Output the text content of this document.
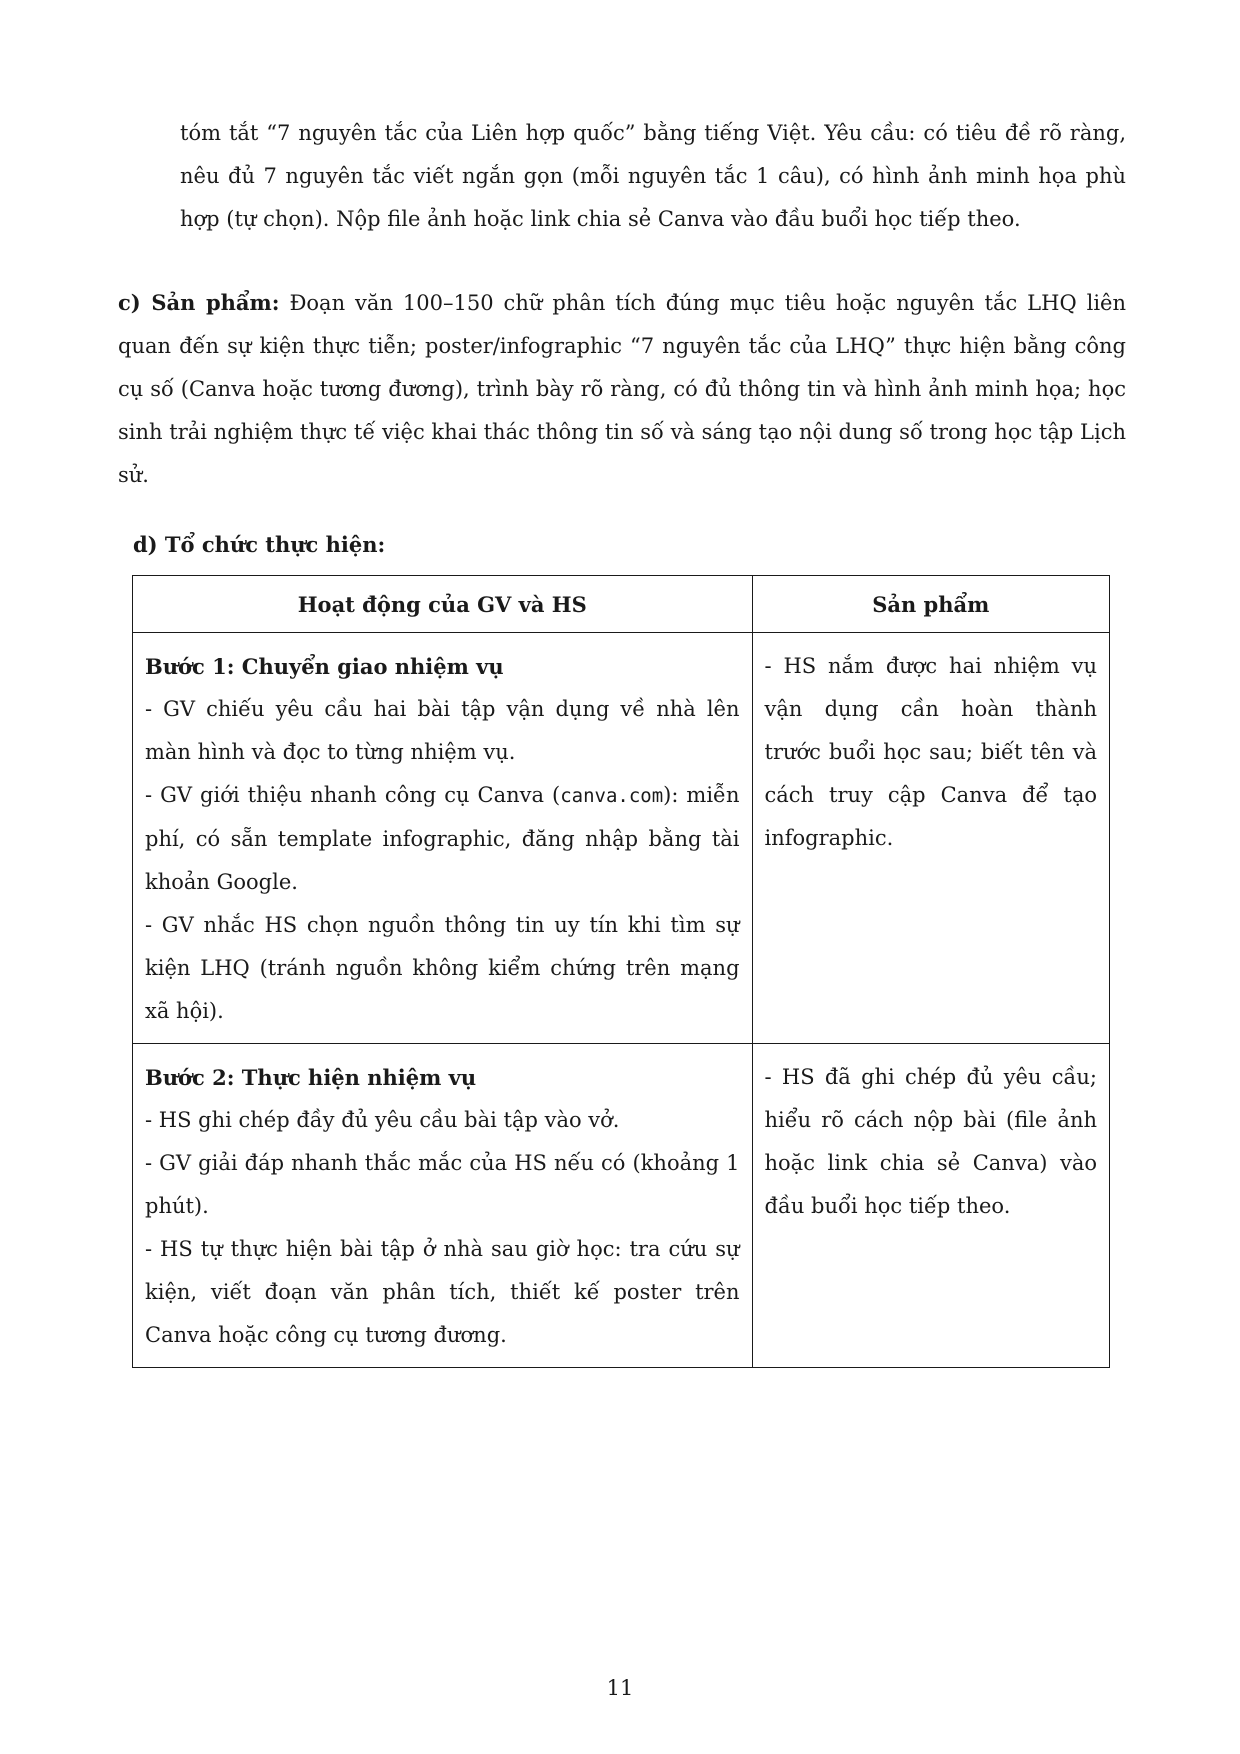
tóm tắt “7 nguyên tắc của Liên hợp quốc” bằng tiếng Việt. Yêu cầu: có tiêu đề rõ ràng, nêu đủ 7 nguyên tắc viết ngắn gọn (mỗi nguyên tắc 1 câu), có hình ảnh minh họa phù hợp (tự chọn). Nộp file ảnh hoặc link chia sẻ Canva vào đầu buổi học tiếp theo.

c) Sản phẩm: Đoạn văn 100–150 chữ phân tích đúng mục tiêu hoặc nguyên tắc LHQ liên quan đến sự kiện thực tiễn; poster/infographic “7 nguyên tắc của LHQ” thực hiện bằng công cụ số (Canva hoặc tương đương), trình bày rõ ràng, có đủ thông tin và hình ảnh minh họa; học sinh trải nghiệm thực tế việc khai thác thông tin số và sáng tạo nội dung số trong học tập Lịch sử.

d) Tổ chức thực hiện:

Hoạt động của GV và HS	Sản phẩm

Bước 1: Chuyển giao nhiệm vụ
- GV chiếu yêu cầu hai bài tập vận dụng về nhà lên màn hình và đọc to từng nhiệm vụ.
- GV giới thiệu nhanh công cụ Canva (canva.com): miễn phí, có sẵn template infographic, đăng nhập bằng tài khoản Google.
- GV nhắc HS chọn nguồn thông tin uy tín khi tìm sự kiện LHQ (tránh nguồn không kiểm chứng trên mạng xã hội).	- HS nắm được hai nhiệm vụ vận dụng cần hoàn thành trước buổi học sau; biết tên và cách truy cập Canva để tạo infographic.

Bước 2: Thực hiện nhiệm vụ
- HS ghi chép đầy đủ yêu cầu bài tập vào vở.
- GV giải đáp nhanh thắc mắc của HS nếu có (khoảng 1 phút).
- HS tự thực hiện bài tập ở nhà sau giờ học: tra cứu sự kiện, viết đoạn văn phân tích, thiết kế poster trên Canva hoặc công cụ tương đương.	- HS đã ghi chép đủ yêu cầu; hiểu rõ cách nộp bài (file ảnh hoặc link chia sẻ Canva) vào đầu buổi học tiếp theo.

11
